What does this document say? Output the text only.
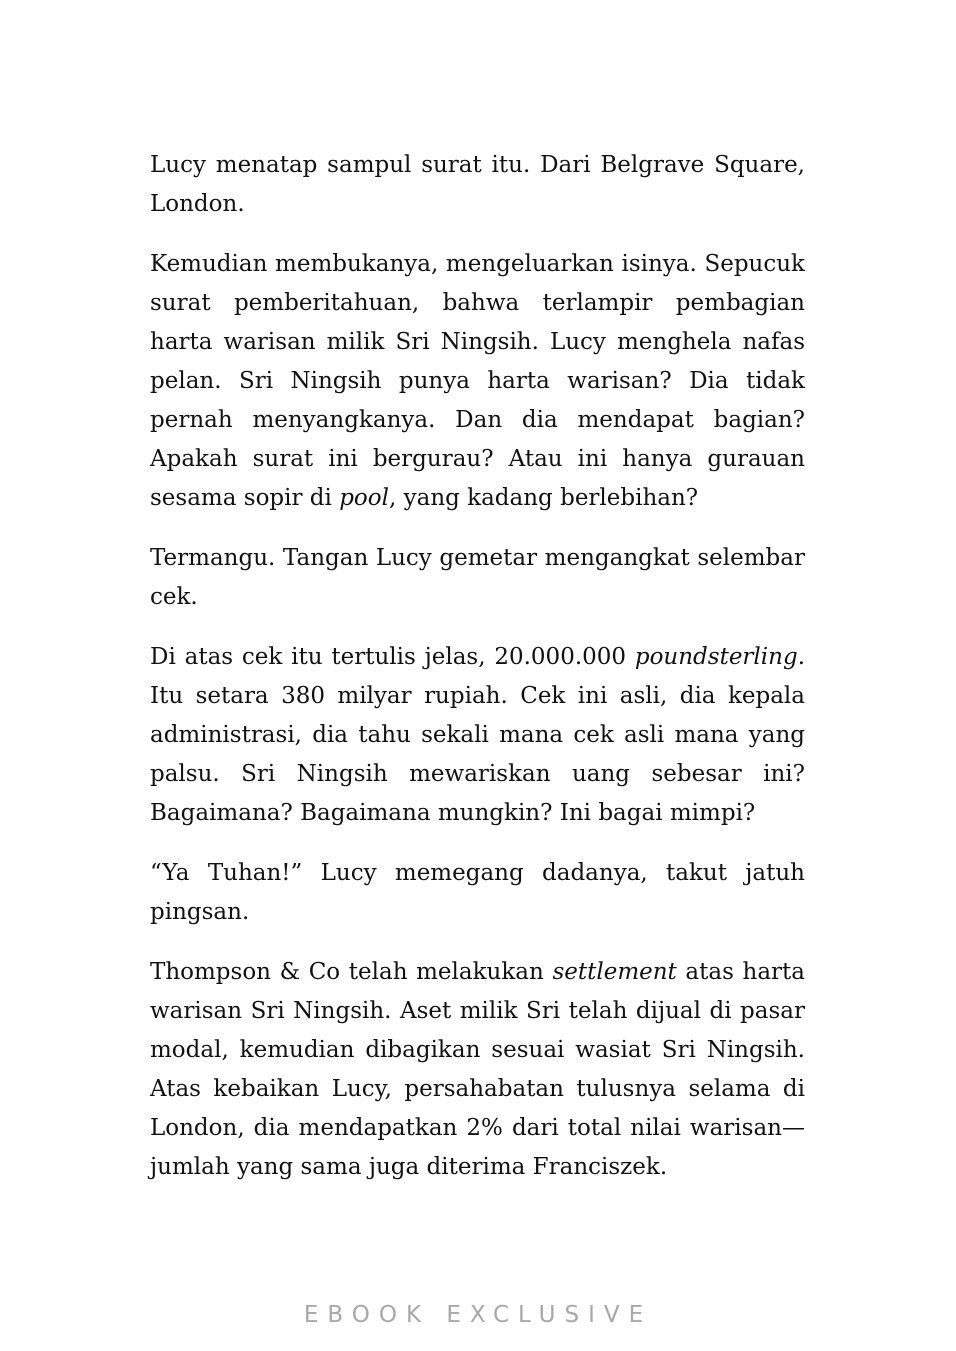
Lucy menatap sampul surat itu. Dari Belgrave Square, London.

Kemudian membukanya, mengeluarkan isinya. Sepucuk surat pemberitahuan, bahwa terlampir pembagian harta warisan milik Sri Ningsih. Lucy menghela nafas pelan. Sri Ningsih punya harta warisan? Dia tidak pernah menyangkanya. Dan dia mendapat bagian? Apakah surat ini bergurau? Atau ini hanya gurauan sesama sopir di pool, yang kadang berlebihan?

Termangu. Tangan Lucy gemetar mengangkat selembar cek.

Di atas cek itu tertulis jelas, 20.000.000 poundsterling. Itu setara 380 milyar rupiah. Cek ini asli, dia kepala administrasi, dia tahu sekali mana cek asli mana yang palsu. Sri Ningsih mewariskan uang sebesar ini? Bagaimana? Bagaimana mungkin? Ini bagai mimpi?

“Ya Tuhan!” Lucy memegang dadanya, takut jatuh pingsan.

Thompson & Co telah melakukan settlement atas harta warisan Sri Ningsih. Aset milik Sri telah dijual di pasar modal, kemudian dibagikan sesuai wasiat Sri Ningsih. Atas kebaikan Lucy, persahabatan tulusnya selama di London, dia mendapatkan 2% dari total nilai warisan—jumlah yang sama juga diterima Franciszek.

EBOOK EXCLUSIVE
